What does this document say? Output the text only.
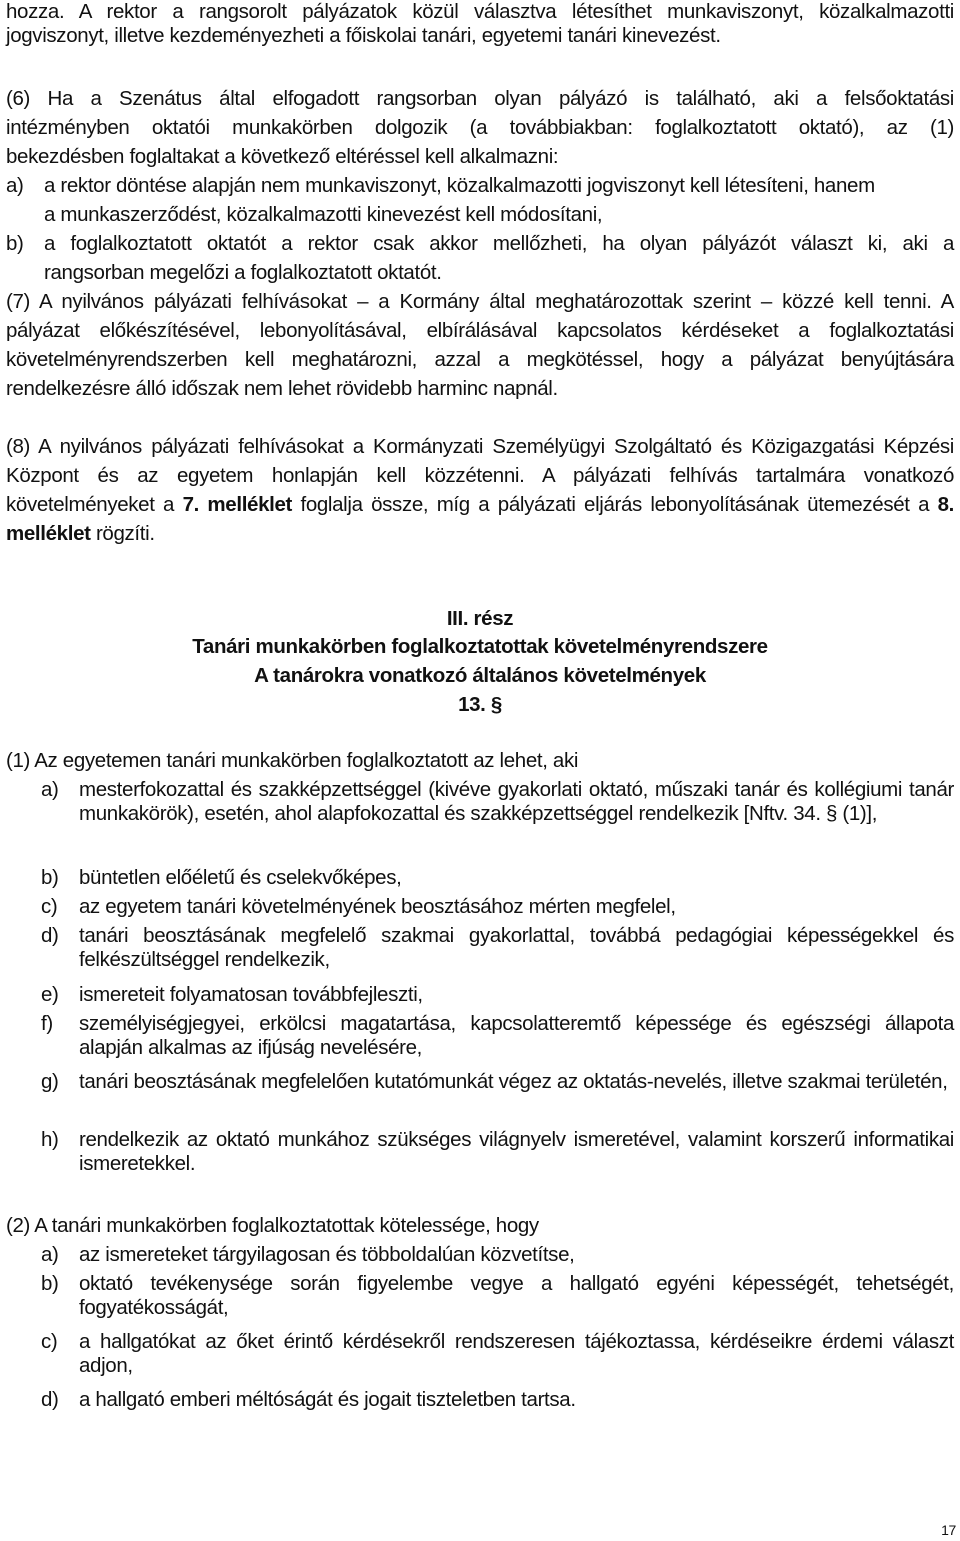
hozza. A rektor a rangsorolt pályázatok közül választva létesíthet munkaviszonyt, közalkalmazotti
jogviszonyt, illetve kezdeményezheti a főiskolai tanári, egyetemi tanári kinevezést.
(6) Ha a Szenátus által elfogadott rangsorban olyan pályázó is található, aki a felsőoktatási
intézményben oktatói munkakörben dolgozik (a továbbiakban: foglalkoztatott oktató), az (1)
bekezdésben foglaltakat a következő eltéréssel kell alkalmazni:
a) a rektor döntése alapján nem munkaviszonyt, közalkalmazotti jogviszonyt kell létesíteni, hanem
a munkaszerződést, közalkalmazotti kinevezést kell módosítani,
b) a foglalkoztatott oktatót a rektor csak akkor mellőzheti, ha olyan pályázót választ ki, aki a
rangsorban megelőzi a foglalkoztatott oktatót.
(7) A nyilvános pályázati felhívásokat – a Kormány által meghatározottak szerint – közzé kell tenni. A
pályázat előkészítésével, lebonyolításával, elbírálásával kapcsolatos kérdéseket a foglalkoztatási
követelményrendszerben kell meghatározni, azzal a megkötéssel, hogy a pályázat benyújtására
rendelkezésre álló időszak nem lehet rövidebb harminc napnál.
(8) A nyilvános pályázati felhívásokat a Kormányzati Személyügyi Szolgáltató és Közigazgatási Képzési
Központ és az egyetem honlapján kell közzétenni. A pályázati felhívás tartalmára vonatkozó
követelményeket a 7. melléklet foglalja össze, míg a pályázati eljárás lebonyolításának ütemezését a 8.
melléklet rögzíti.
III. rész
Tanári munkakörben foglalkoztatottak követelményrendszere
A tanárokra vonatkozó általános követelmények
13. §
(1) Az egyetemen tanári munkakörben foglalkoztatott az lehet, aki
a) mesterfokozattal és szakképzettséggel (kivéve gyakorlati oktató, műszaki tanár és kollégiumi tanár munkakörök), esetén, ahol alapfokozattal és szakképzettséggel rendelkezik [Nftv. 34. § (1)],
b) büntetlen előéletű és cselekvőképes,
c) az egyetem tanári követelményének beosztásához mérten megfelel,
d) tanári beosztásának megfelelő szakmai gyakorlattal, továbbá pedagógiai képességekkel és felkészültséggel rendelkezik,
e) ismereteit folyamatosan továbbfejleszti,
f) személyiségjegyei, erkölcsi magatartása, kapcsolatteremtő képessége és egészségi állapota alapján alkalmas az ifjúság nevelésére,
g) tanári beosztásának megfelelően kutatómunkát végez az oktatás-nevelés, illetve szakmai területén,
h) rendelkezik az oktató munkához szükséges világnyelv ismeretével, valamint korszerű informatikai ismeretekkel.
(2) A tanári munkakörben foglalkoztatottak kötelessége, hogy
a) az ismereteket tárgyilagosan és többoldalúan közvetítse,
b) oktató tevékenysége során figyelembe vegye a hallgató egyéni képességét, tehetségét, fogyatékosságát,
c) a hallgatókat az őket érintő kérdésekről rendszeresen tájékoztassa, kérdéseikre érdemi választ adjon,
d) a hallgató emberi méltóságát és jogait tiszteletben tartsa.
17
